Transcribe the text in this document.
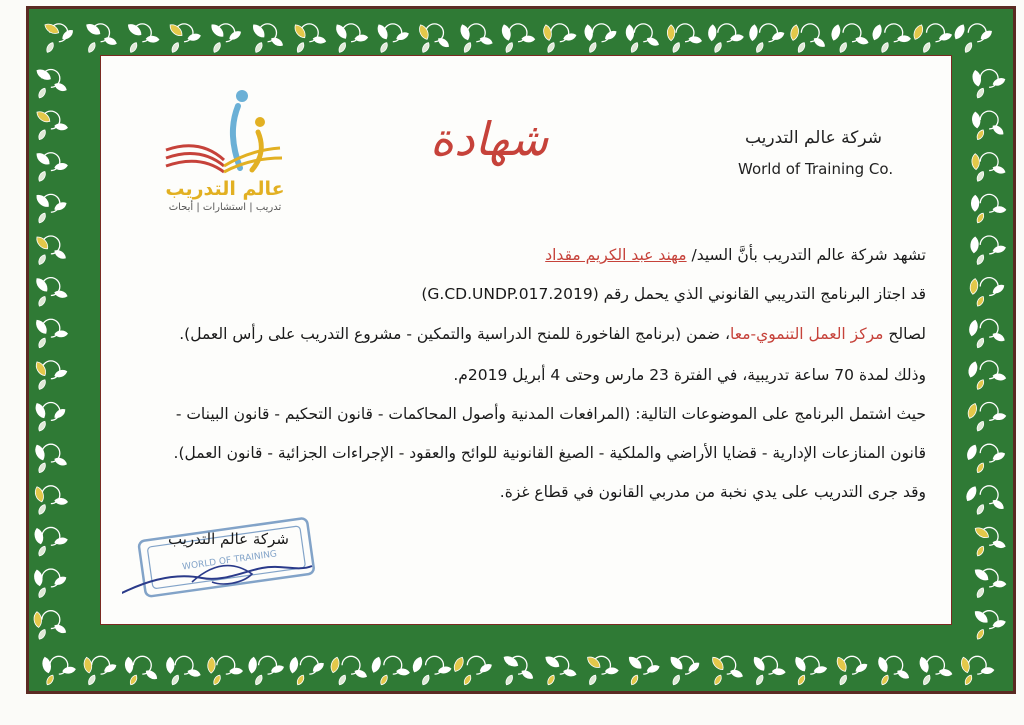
شركة عالم التدريب
World of Training Co.
شهادة
عالم التدريب
تدريب | استشارات | أبحاث
تشهد شركة عالم التدريب بأنَّ السيد/ مهند عبد الكريم مقداد
قد اجتاز البرنامج التدريبي القانوني الذي يحمل رقم (G.CD.UNDP.017.2019)
لصالح مركز العمل التنموي-معا، ضمن (برنامج الفاخورة للمنح الدراسية والتمكين - مشروع التدريب على رأس العمل).
وذلك لمدة 70 ساعة تدريبية، في الفترة 23 مارس وحتى 4 أبريل 2019م.
حيث اشتمل البرنامج على الموضوعات التالية: (المرافعات المدنية وأصول المحاكمات - قانون التحكيم - قانون البينات -
قانون المنازعات الإدارية - قضايا الأراضي والملكية - الصيغ القانونية للوائح والعقود - الإجراءات الجزائية - قانون العمل).
وقد جرى التدريب على يدي نخبة من مدربي القانون في قطاع غزة.
WORLD OF TRAINING
شركة عالم التدريب
